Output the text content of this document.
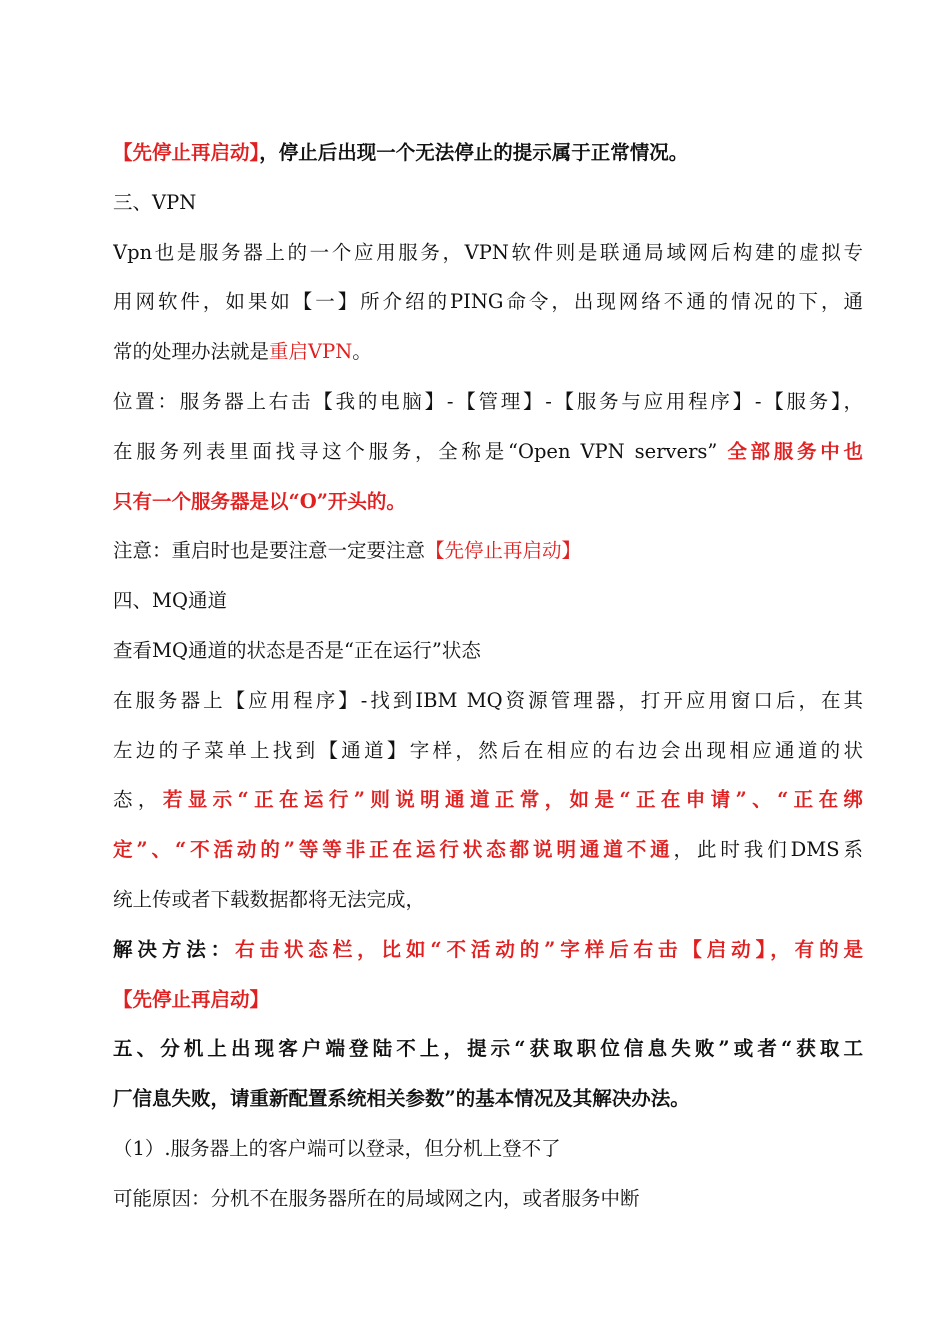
【先停止再启动】，停止后出现一个无法停止的提示属于正常情况。
三、VPN
Vpn也是服务器上的一个应用服务，VPN软件则是联通局域网后构建的虚拟专
用网软件，如果如【一】所介绍的PING命令，出现网络不通的情况的下，通
常的处理办法就是重启VPN。
位置：服务器上右击【我的电脑】-【管理】-【服务与应用程序】-【服务】，
在服务列表里面找寻这个服务，全称是“Open VPN servers” 全部服务中也
只有一个服务器是以“O”开头的。
注意：重启时也是要注意一定要注意【先停止再启动】
四、MQ通道
查看MQ通道的状态是否是“正在运行”状态
在服务器上【应用程序】-找到IBM MQ资源管理器，打开应用窗口后，在其
左边的子菜单上找到【通道】字样，然后在相应的右边会出现相应通道的状
态，若显示“正在运行”则说明通道正常，如是“正在申请”、“正在绑
定”、“不活动的”等等非正在运行状态都说明通道不通，此时我们DMS系
统上传或者下载数据都将无法完成，
解决方法：右击状态栏，比如“不活动的”字样后右击【启动】，有的是
【先停止再启动】
五、分机上出现客户端登陆不上，提示“获取职位信息失败”或者“获取工
厂信息失败，请重新配置系统相关参数”的基本情况及其解决办法。
（1）.服务器上的客户端可以登录，但分机上登不了
可能原因：分机不在服务器所在的局域网之内，或者服务中断
